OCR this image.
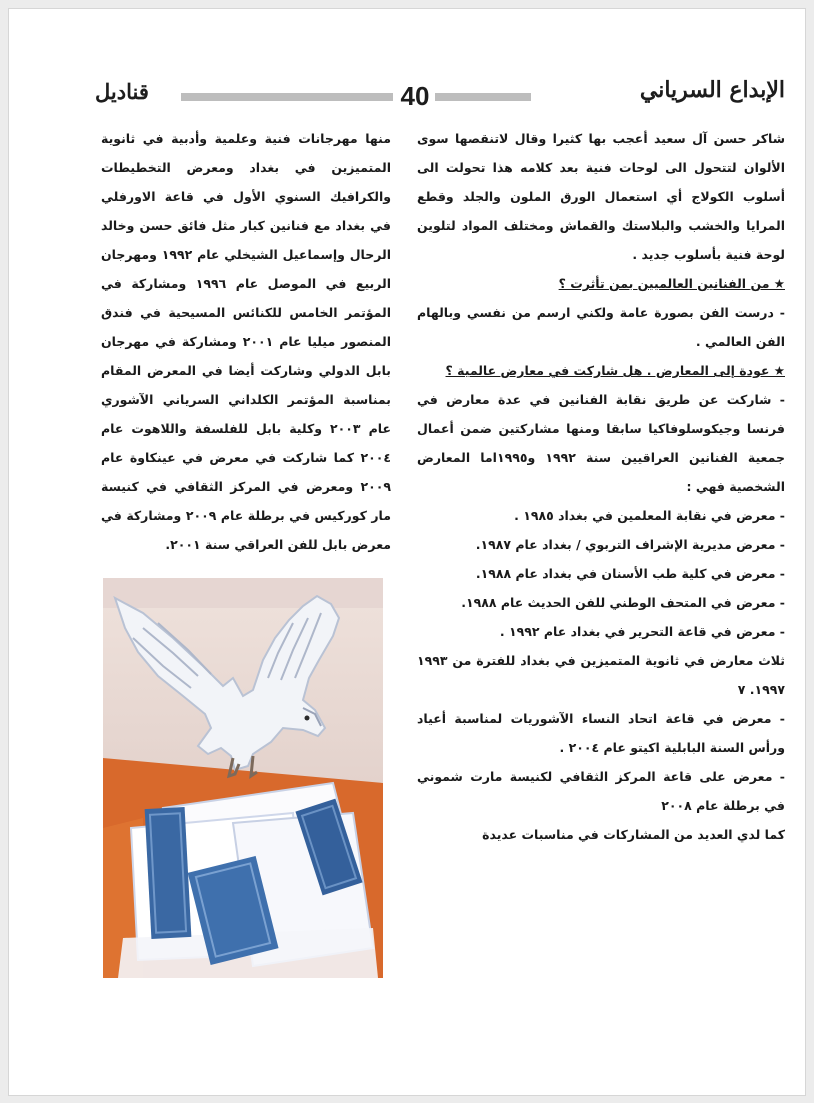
الإبداع السرياني
40
قناديل

شاكر حسن آل سعيد أعجب بها كثيرا وقال لاتنقصها سوى الألوان لتتحول الى لوحات فنية بعد كلامه هذا تحولت الى أسلوب الكولاج أي استعمال الورق الملون والجلد وقطع المرايا والخشب والبلاستك والقماش ومختلف المواد لتلوين لوحة فنية بأسلوب جديد .

★ من الفنانين العالميين بمن تأثرت ؟

- درست الفن بصورة عامة ولكني ارسم من نفسي وبالهام الفن العالمي .

★ عودة إلى المعارض . هل شاركت في معارض عالمية ؟

- شاركت عن طريق نقابة الفنانين في عدة معارض في فرنسا وجيكوسلوفاكيا سابقا ومنها مشاركتين ضمن أعمال جمعية الفنانين العراقيين سنة ١٩٩٢ و١٩٩٥اما المعارض الشخصية فهي :

- معرض في نقابة المعلمين في بغداد ١٩٨٥ .

- معرض مديرية الإشراف التربوي / بغداد عام ١٩٨٧.

- معرض في كلية طب الأسنان في بغداد عام ١٩٨٨.

- معرض في المتحف الوطني للفن الحديث عام ١٩٨٨.

- معرض في قاعة التحرير في بغداد عام ١٩٩٢ .

ثلاث معارض في ثانوية المتميزين في بغداد للفترة من ١٩٩٣ ١٩٩٧. ٧

- معرض في قاعة اتحاد النساء الآشوريات لمناسبة أعياد ورأس السنة البابلية اكيتو عام ٢٠٠٤ .

- معرض على قاعة المركز الثقافي لكنيسة مارت شموني في برطلة عام ٢٠٠٨

كما لدي العديد من المشاركات في مناسبات عديدة

منها مهرجانات فنية وعلمية وأدبية في ثانوية المتميزين في بغداد ومعرض التخطيطات والكرافيك السنوي الأول في قاعة الاورفلي في بغداد مع فنانين كبار مثل فائق حسن وخالد الرحال وإسماعيل الشيخلي عام ١٩٩٢ ومهرجان الربيع في الموصل عام ١٩٩٦ ومشاركة في المؤتمر الخامس للكنائس المسيحية في فندق المنصور ميليا عام ٢٠٠١ ومشاركة في مهرجان بابل الدولي وشاركت أيضا في المعرض المقام بمناسبة المؤتمر الكلداني السرياني الآشوري عام ٢٠٠٣ وكلية بابل للفلسفة واللاهوت عام ٢٠٠٤ كما شاركت في معرض في عينكاوة عام ٢٠٠٩ ومعرض في المركز الثقافي في كنيسة مار كوركيس في برطلة عام ٢٠٠٩ ومشاركة في معرض بابل للفن العراقي سنة ٢٠٠١.
